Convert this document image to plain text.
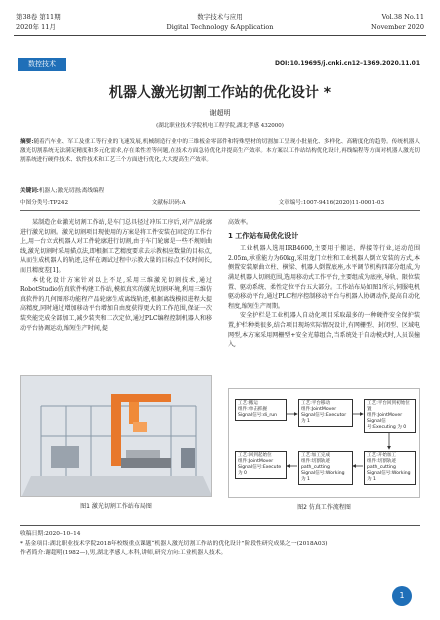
第38卷 第11期
2020年 11月
数字技术与应用
Digital Technology &Application
Vol.38 No.11
November 2020
数控技术	DOI:10.19695/j.cnki.cn12–1369.2020.11.01
机器人激光切割工作站的优化设计 *
谢超明
(湖北职业技术学院机电工程学院,湖北孝感 432000)
摘要:随着汽车业、军工及重工等行业的飞速发展,机械制造行业中的三维板金零部件和特殊型材的切割加工呈现小批量化、多样化、高精度化的趋势。传统机器人激光切割系统无法满足精度和多元化需求,存在柔性差等问题,在技术方面急待优化并提高生产效率。本方案以工作站结构优化设计,再线编程等方面对机器人激光切割系统进行硬件技术、软件技术和工艺三个方面进行优化,大大提高生产效率。
关键词:机器人;激光切割;离线编程
中图分类号:TP242	文献标识码:A	文章编号:1007-9416(2020)11-0001-03

某制造企业激光切割工作站,是车门总具径过冲压工序后,对产品轮廓进行激光切割。激光切割项目现使用的方案是将工件安装在固定的工作台上,用一台立式机器人对工件轮廓进行切割,由于车门轮廓是一些不规则曲线,激光切割时采用描点法,即根据工艺精度要求去示教相应数量的目标点,从而生成机器人的轨迹,这样在调试过程中示教大量的目标点不仅时间长,而且精度差[1]。

本优化设计方案针对以上不足,采用三维激光切割技术,通过RobotStudio仿真软件构建工作站,模拟真实的激光切割环境,利用三维仿真软件的几何图形功能程产品轮廓生成离线轨迹,根据离线模拟进程大提高精度,同时通过增加移动平台增加自由度获得更大的工作范围,保证一次装夹能完成全部加工,减少装夹和二次定位,通过PLC编程控制机器人和移动平台协调运动,缩短生产时间,提

高效率。
1 工作站布局优化设计

工业机器人选用IRB4600,主要用于搬运、焊接等行业,运动范围2.05m,承重能力为60kg,采用龙门立柱和工业机器人倒立安装的方式,本侧置安装原曲立柱、横梁、机器人倒置底座,水平调节机构四部分组成,为满足机器人切割范围,选用移动式工作平台,主要组成为底座,导轨、限位装置、驱动系统、柔性定位平台五大部分。工作站布局如图1所示,伺服电机驱动移动平台,通过PLC程序控制移动平台与机器人协调动作,提高自动化程度,缩短生产周期。

安全护栏是工业机器人自动化项目采取最多的一种硬件安全保护装置,护栏种类很多,结合项目现场实际情况设计,有网栅型、封闭型、区域电网型,本方案采用网栅型+安全光幕组合,当系统处于自动模式时,人员误撞入,

图1 激光切割工作站布局图
工艺:搬运
组件:单击抓握
Signal信号:di_run
工艺:平台移动
组件:JointMover
Signal信号:Executor 为 1
工艺:平台回到初始位置
组件:JointMover
Signal信号:Executing 为 0
工艺:回到起始位
组件:JointMover
Signal信号:Execute 为 0
工艺:加工完成
组件:切割轨迹 path_cutting
Signal信号:Working 为 1
工艺:开始加工
组件:切割轨迹 path_cutting
Signal信号:Working 为 1
图2 仿真工作流程图
收稿日期:2020–10–14
* 基金项目:湖北职业技术学院2018年校级重点课题“机器人激光切割工作站的优化设计”阶段性研究成果之一(2018A03)
作者简介:谢超明(1982—),男,湖北孝感人,本科,讲师,研究方向:工业机器人技术。
1
